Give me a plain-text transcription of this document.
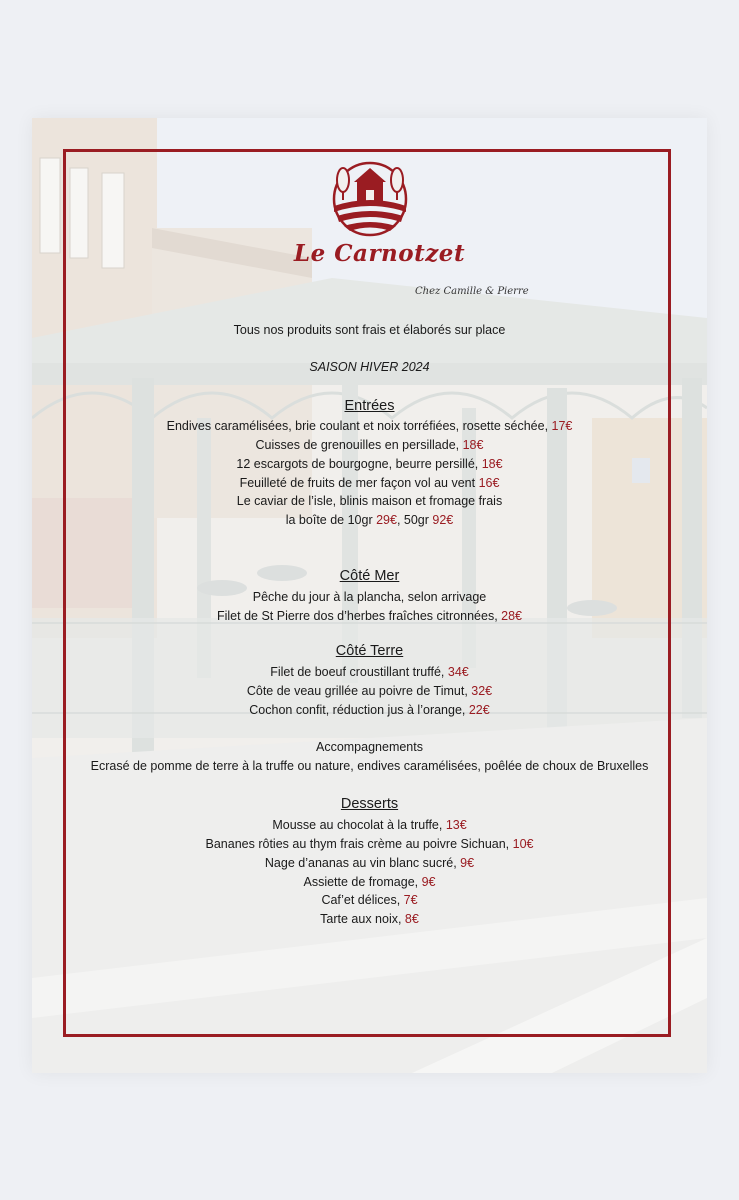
Le Carnotzet
Chez Camille & Pierre
Tous nos produits sont frais et élaborés sur place
SAISON HIVER 2024
Entrées
Endives caramélisées, brie coulant et noix torréfiées, rosette séchée, 17€
Cuisses de grenouilles en persillade, 18€
12 escargots de bourgogne, beurre persillé, 18€
Feuilleté de fruits de mer façon vol au vent 16€
Le caviar de l’isle, blinis maison et fromage frais
la boîte de 10gr 29€, 50gr 92€
Côté Mer
Pêche du jour à la plancha, selon arrivage
Filet de St Pierre dos d’herbes fraîches citronnées, 28€
Côté Terre
Filet de boeuf croustillant truffé, 34€
Côte de veau grillée au poivre de Timut, 32€
Cochon confit, réduction jus à l’orange, 22€
Accompagnements
Ecrasé de pomme de terre à la truffe ou nature, endives caramélisées, poêlée de choux de Bruxelles
Desserts
Mousse au chocolat à la truffe, 13€
Bananes rôties au thym frais crème au poivre Sichuan, 10€
Nage d’ananas au vin blanc sucré, 9€
Assiette de fromage, 9€
Caf’et délices, 7€
Tarte aux noix, 8€
